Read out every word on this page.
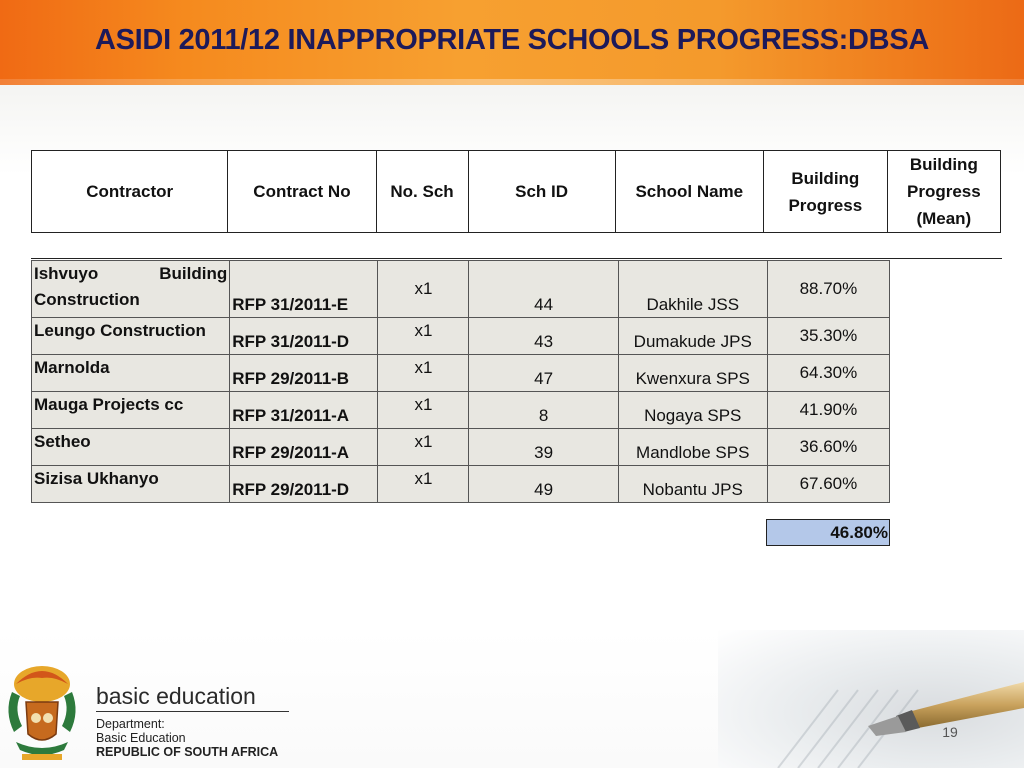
ASIDI 2011/12 INAPPROPRIATE SCHOOLS PROGRESS:DBSA
Contractor	Contract No	No. Sch	Sch ID	School Name	Building Progress	Building Progress (Mean)
Ishvuyo Building
Construction	RFP 31/2011-E	x1	44	Dakhile JSS	88.70%
Leungo Construction	RFP 31/2011-D	x1	43	Dumakude JPS	35.30%
Marnolda	RFP 29/2011-B	x1	47	Kwenxura SPS	64.30%
Mauga Projects cc	RFP 31/2011-A	x1	8	Nogaya SPS	41.90%
Setheo	RFP 29/2011-A	x1	39	Mandlobe SPS	36.60%
Sizisa Ukhanyo	RFP 29/2011-D	x1	49	Nobantu JPS	67.60%
46.80%
19
basic education
Department:
Basic Education
REPUBLIC OF SOUTH AFRICA
